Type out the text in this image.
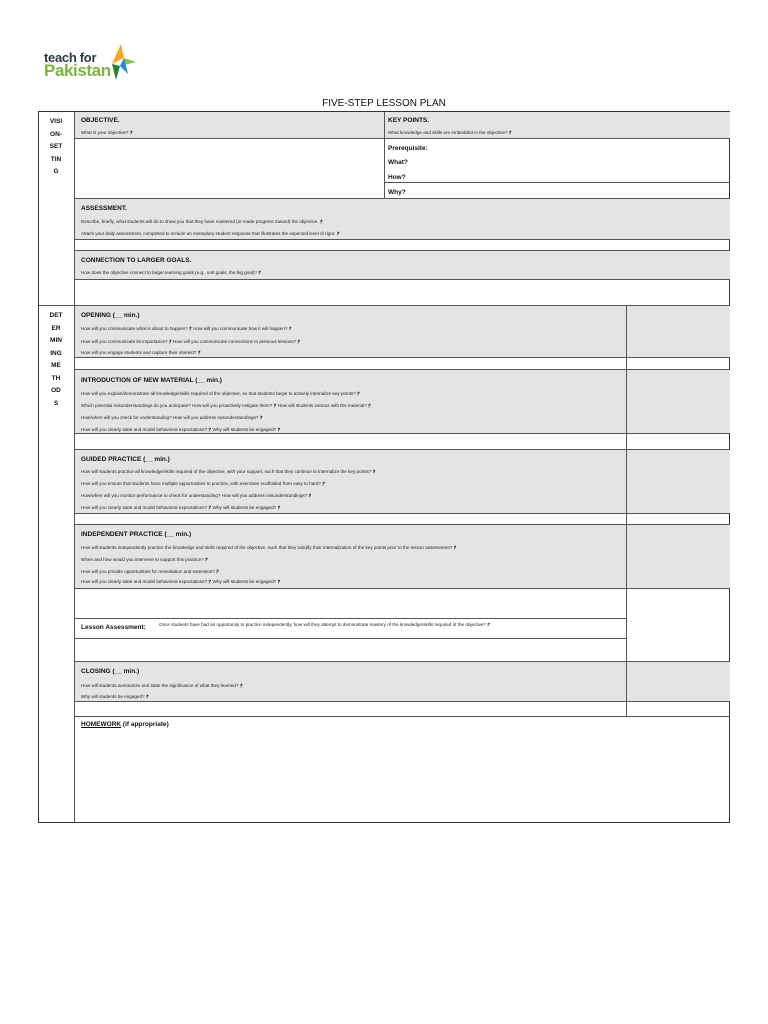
teach for
Pakistan
FIVE-STEP LESSON PLAN
VISI
ON-
SET
TIN
G
DET
ER
MIN
ING
ME
TH
OD
S
OBJECTIVE.
What is your objective? ⁋
KEY POINTS.
What knowledge and skills are embedded in the objective? ⁋
Prerequisite:
What?
How?
Why?
ASSESSMENT.
Describe, briefly, what students will do to show you that they have mastered (or made progress toward) the objective. ⁋
Attach your daily assessment, completed to include an exemplary student response that illustrates the expected level of rigor. ⁋
CONNECTION TO LARGER GOALS.
How does the objective connect to larger learning goals (e.g., unit goals, the big goal)? ⁋
OPENING (__ min.)
How will you communicate what is about to happen? ⁋ How will you communicate how it will happen? ⁋
How will you communicate its importance? ⁋ How will you communicate connections to previous lessons? ⁋
How will you engage students and capture their interest? ⁋
INTRODUCTION OF NEW MATERIAL (__ min.)
How will you explain/demonstrate all knowledge/skills required of the objective, so that students begin to actively internalize key points? ⁋
Which potential misunderstandings do you anticipate? How will you proactively mitigate them? ⁋ How will students interact with the material? ⁋
How/when will you check for understanding? How will you address misunderstandings? ⁋
How will you clearly state and model behavioral expectations? ⁋ Why will students be engaged? ⁋
GUIDED PRACTICE (__ min.)
How will students practice all knowledge/skills required of the objective, with your support, such that they continue to internalize the key points? ⁋
How will you ensure that students have multiple opportunities to practice, with exercises scaffolded from easy to hard? ⁋
How/when will you monitor performance to check for understanding? How will you address misunderstandings? ⁋
How will you clearly state and model behavioral expectations? ⁋ Why will students be engaged? ⁋
INDEPENDENT PRACTICE (__ min.)
How will students independently practice the knowledge and skills required of the objective, such that they solidify their internalization of the key points prior to the lesson assessment? ⁋
When and how would you intervene to support this practice? ⁋
How will you provide opportunities for remediation and extension? ⁋
How will you clearly state and model behavioral expectations? ⁋ Why will students be engaged? ⁋
Lesson Assessment:	Once students have had an opportunity to practice independently, how will they attempt to demonstrate mastery of the knowledge/skills required of the objective? ⁋
CLOSING (__ min.)
How will students summarize and state the significance of what they learned? ⁋
Why will students be engaged? ⁋
HOMEWORK (if appropriate)
